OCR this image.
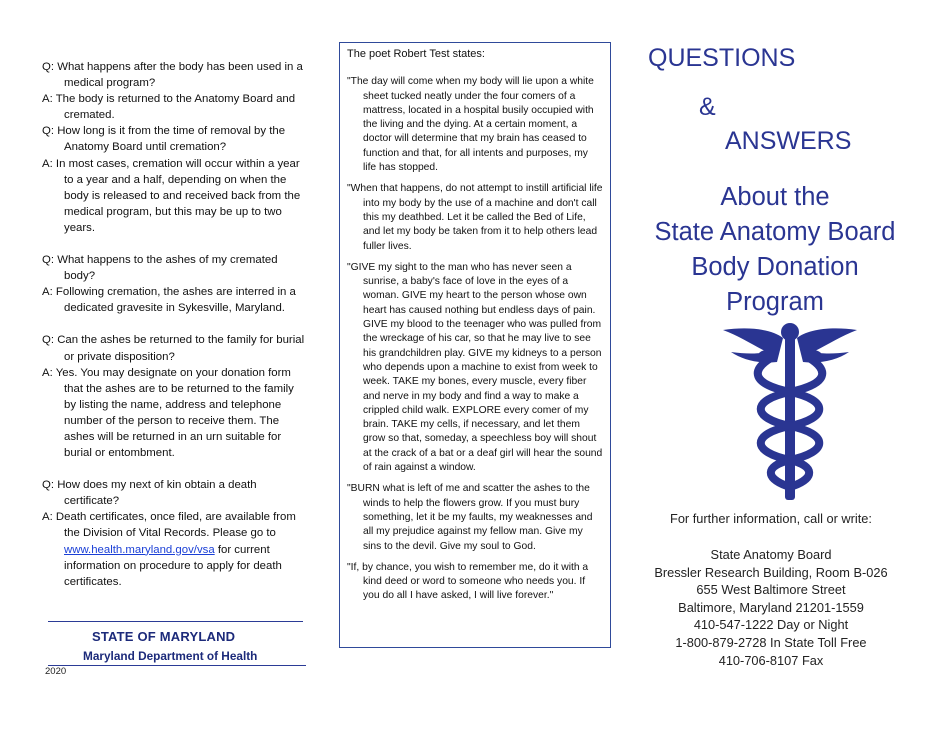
Q: What happens after the body has been used in a medical program?

A: The body is returned to the Anatomy Board and cremated.

Q: How long is it from the time of removal by the Anatomy Board until cremation?

A: In most cases, cremation will occur within a year to a year and a half, depending on when the body is released to and received back from the medical program, but this may be up to two years.

Q: What happens to the ashes of my cremated body?

A: Following cremation, the ashes are interred in a dedicated gravesite in Sykesville, Maryland.

Q: Can the ashes be returned to the family for burial or private disposition?

A: Yes. You may designate on your donation form that the ashes are to be returned to the family by listing the name, address and telephone number of the person to receive them. The ashes will be returned in an urn suitable for burial or entombment.

Q: How does my next of kin obtain a death certificate?

A: Death certificates, once filed, are available from the Division of Vital Records. Please go to www.health.maryland.gov/vsa for current information on procedure to apply for death certificates.

STATE OF MARYLAND
Maryland Department of Health
2020

The poet Robert Test states:

"The day will come when my body will lie upon a white sheet tucked neatly under the four comers of a mattress, located in a hospital busily occupied with the living and the dying. At a certain moment, a doctor will determine that my brain has ceased to function and that, for all intents and purposes, my life has stopped.

"When that happens, do not attempt to instill artificial life into my body by the use of a machine and don't call this my deathbed. Let it be called the Bed of Life, and let my body be taken from it to help others lead fuller lives.

"GIVE my sight to the man who has never seen a sunrise, a baby's face of love in the eyes of a woman. GIVE my heart to the person whose own heart has caused nothing but endless days of pain. GIVE my blood to the teenager who was pulled from the wreckage of his car, so that he may live to see his grandchildren play. GIVE my kidneys to a person who depends upon a machine to exist from week to week. TAKE my bones, every muscle, every fiber and nerve in my body and find a way to make a crippled child walk. EXPLORE every comer of my brain. TAKE my cells, if necessary, and let them grow so that, someday, a speechless boy will shout at the crack of a bat or a deaf girl will hear the sound of rain against a window.

"BURN what is left of me and scatter the ashes to the winds to help the flowers grow. If you must bury something, let it be my faults, my weaknesses and all my prejudice against my fellow man. Give my sins to the devil. Give my soul to God.

"If, by chance, you wish to remember me, do it with a kind deed or word to someone who needs you. If you do all I have asked, I will live forever."

QUESTIONS
&
ANSWERS
About the
State Anatomy Board
Body Donation
Program
For further information, call or write:
State Anatomy Board
Bressler Research Building, Room B-026
655 West Baltimore Street
Baltimore, Maryland 21201-1559
410-547-1222 Day or Night
1-800-879-2728 In State Toll Free
410-706-8107 Fax
